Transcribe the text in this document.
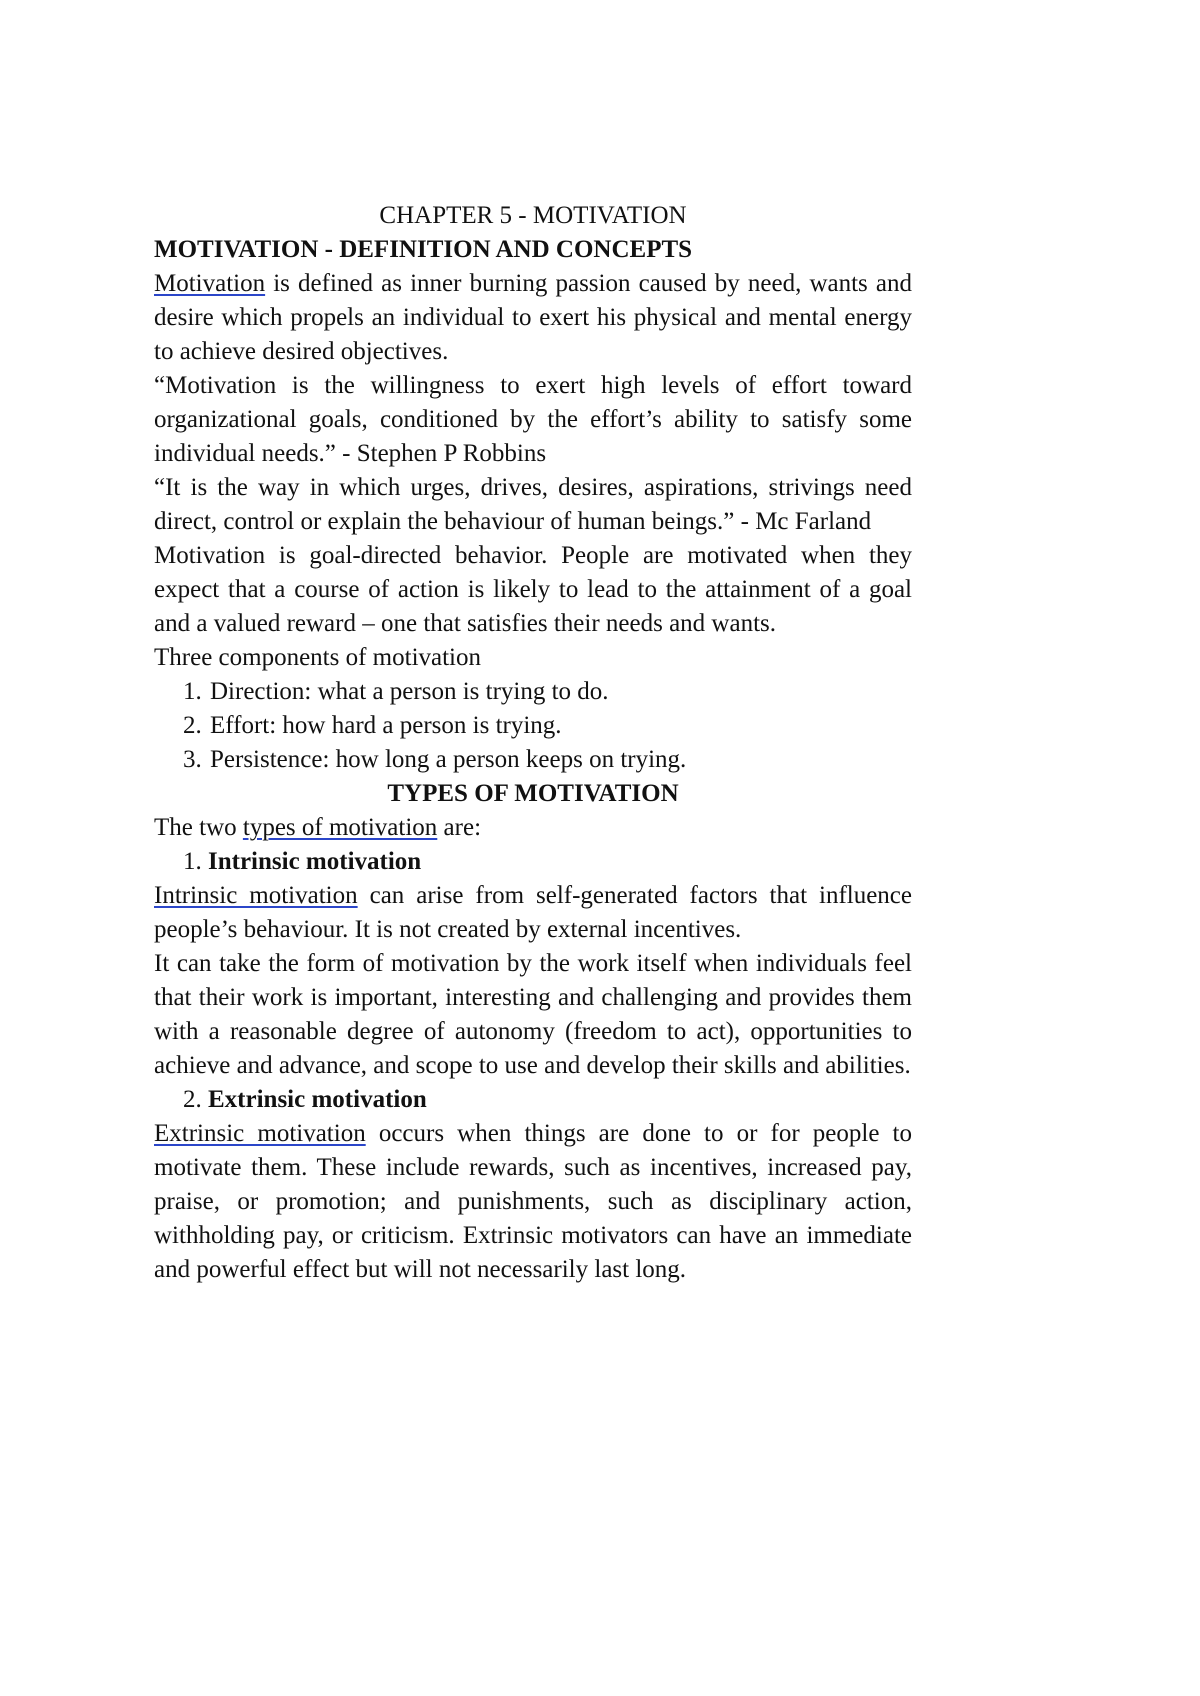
CHAPTER 5 - MOTIVATION

MOTIVATION - DEFINITION AND CONCEPTS

Motivation is defined as inner burning passion caused by need, wants and desire which propels an individual to exert his physical and mental energy to achieve desired objectives.

“Motivation is the willingness to exert high levels of effort toward organizational goals, conditioned by the effort’s ability to satisfy some individual needs.” - Stephen P Robbins

“It is the way in which urges, drives, desires, aspirations, strivings need direct, control or explain the behaviour of human beings.” - Mc Farland

Motivation is goal-directed behavior. People are motivated when they expect that a course of action is likely to lead to the attainment of a goal and a valued reward – one that satisfies their needs and wants.

Three components of motivation

1. Direction: what a person is trying to do.
2. Effort: how hard a person is trying.
3. Persistence: how long a person keeps on trying.

TYPES OF MOTIVATION

The two types of motivation are:

1. Intrinsic motivation

Intrinsic motivation can arise from self-generated factors that influence people’s behaviour. It is not created by external incentives.

It can take the form of motivation by the work itself when individuals feel that their work is important, interesting and challenging and provides them with a reasonable degree of autonomy (freedom to act), opportunities to achieve and advance, and scope to use and develop their skills and abilities.

2. Extrinsic motivation

Extrinsic motivation occurs when things are done to or for people to motivate them. These include rewards, such as incentives, increased pay, praise, or promotion; and punishments, such as disciplinary action, withholding pay, or criticism. Extrinsic motivators can have an immediate and powerful effect but will not necessarily last long.
